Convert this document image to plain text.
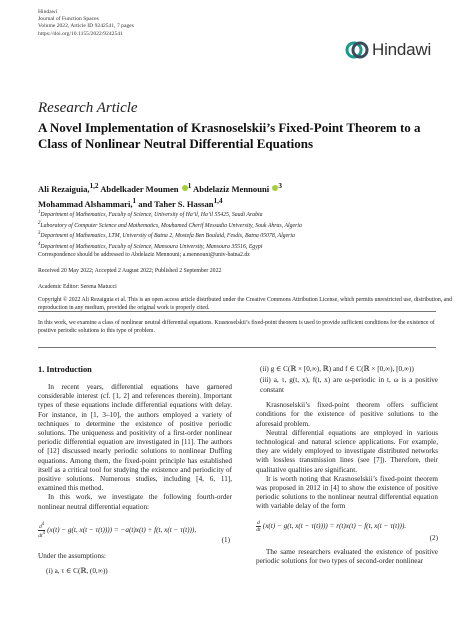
Hindawi
Journal of Function Spaces
Volume 2022, Article ID 9242541, 7 pages
https://doi.org/10.1155/2022/9242541
Hindawi
Research Article
A Novel Implementation of Krasnoselskii’s Fixed-Point Theorem to a Class of Nonlinear Neutral Differential Equations
Ali Rezaiguia,$^{1,2}$ Abdelkader Moumen $^1$ Abdelaziz Mennouni $^3$
Mohammad Alshammari,$^1$ and Taher S. Hassan$^{1,4}$
$^1$Department of Mathematics, Faculty of Science, University of Ha’il, Ha’il 55425, Saudi Arabia
$^2$Laboratory of Computer Science and Mathematics, Mouhamed Cherif Messadia University, Souk Ahras, Algeria
$^3$Department of Mathematics, LTM, University of Batna 2, Mostefa Ben Boulaid, Fesdis, Batna 05078, Algeria
$^4$Department of Mathematics, Faculty of Science, Mansoura University, Mansoura 35516, Egypt
Correspondence should be addressed to Abdelaziz Mennouni; a.mennouni@univ-batna2.dz
Received 20 May 2022; Accepted 2 August 2022; Published 2 September 2022
Academic Editor: Serena Matucci
Copyright © 2022 Ali Rezaiguia et al. This is an open access article distributed under the Creative Commons Attribution License, which permits unrestricted use, distribution, and reproduction in any medium, provided the original work is properly cited.
In this work, we examine a class of nonlinear neutral differential equations. Krasnoselskii’s fixed-point theorem is used to provide sufficient conditions for the existence of positive periodic solutions to this type of problem.
1. Introduction

In recent years, differential equations have garnered considerable interest (cf. [1, 2] and references therein). Important types of these equations include differential equations with delay. For instance, in [1, 3–10], the authors employed a variety of techniques to determine the existence of positive periodic solutions. The uniqueness and positivity of a first-order nonlinear periodic differential equation are investigated in [11]. The authors of [12] discussed nearly periodic solutions to nonlinear Duffing equations. Among them, the fixed-point principle has established itself as a critical tool for studying the existence and periodicity of positive solutions. Numerous studies, including [4, 6, 11], examined this method.

In this work, we investigate the following fourth-order nonlinear neutral differential equation:

$\frac{d^4}{dt^4} (x(t) - g(t$, x(t − τ(t)))) = −a(t)x(t) + f(t, x(t − τ(t))),
(1)
Under the assumptions:
(i) a, τ ∈ C(ℝ, (0,∞))
(ii) g ∈ C(ℝ × [0,∞), ℝ) and f ∈ C(ℝ × [0,∞), [0,∞))
(iii) a, τ, g(t, x), f(t, x) are ω-periodic in t, ω is a positive constant

Krasnoselskii’s fixed-point theorem offers sufficient conditions for the existence of positive solutions to the aforesaid problem.

Neutral differential equations are employed in various technological and natural science applications. For example, they are widely employed to investigate distributed networks with lossless transmission lines (see [7]). Therefore, their qualitative qualities are significant.

It is worth noting that Krasnoselskii’s fixed-point theorem was proposed in 2012 in [4] to show the existence of positive periodic solutions to the nonlinear neutral differential equation with variable delay of the form

$\frac{d}{dt} (x(t) - g(t$, x(t − τ(t)))) = r(t)x(t) − f(t, x(t − τ(t))).
(2)

The same researchers evaluated the existence of positive periodic solutions for two types of second-order nonlinear
